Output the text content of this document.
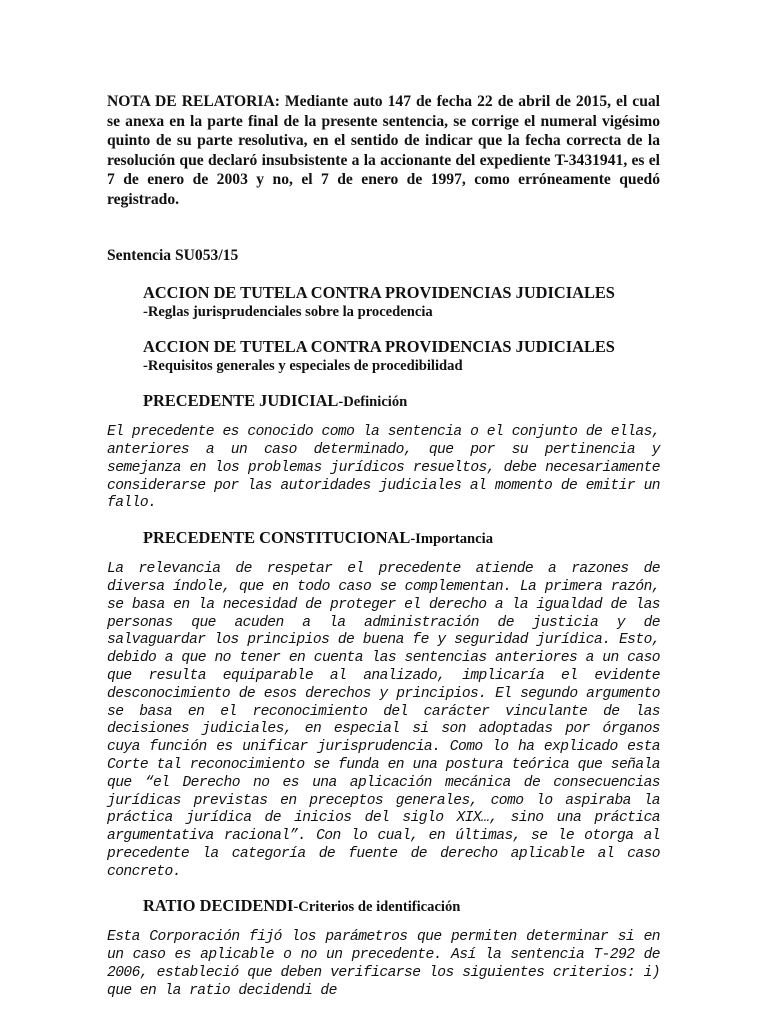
NOTA DE RELATORIA: Mediante auto 147 de fecha 22 de abril de 2015, el cual se anexa en la parte final de la presente sentencia, se corrige el numeral vigésimo quinto de su parte resolutiva, en el sentido de indicar que la fecha correcta de la resolución que declaró insubsistente a la accionante del expediente T-3431941, es el 7 de enero de 2003 y no, el 7 de enero de 1997, como erróneamente quedó registrado.

Sentencia SU053/15

ACCION DE TUTELA CONTRA PROVIDENCIAS JUDICIALES
-Reglas jurisprudenciales sobre la procedencia

ACCION DE TUTELA CONTRA PROVIDENCIAS JUDICIALES
-Requisitos generales y especiales de procedibilidad

PRECEDENTE JUDICIAL-Definición

El precedente es conocido como la sentencia o el conjunto de ellas, anteriores a un caso determinado, que por su pertinencia y semejanza en los problemas jurídicos resueltos, debe necesariamente considerarse por las autoridades judiciales al momento de emitir un fallo.

PRECEDENTE CONSTITUCIONAL-Importancia

La relevancia de respetar el precedente atiende a razones de diversa índole, que en todo caso se complementan. La primera razón, se basa en la necesidad de proteger el derecho a la igualdad de las personas que acuden a la administración de justicia y de salvaguardar los principios de buena fe y seguridad jurídica. Esto, debido a que no tener en cuenta las sentencias anteriores a un caso que resulta equiparable al analizado, implicaría el evidente desconocimiento de esos derechos y principios. El segundo argumento se basa en el reconocimiento del carácter vinculante de las decisiones judiciales, en especial si son adoptadas por órganos cuya función es unificar jurisprudencia. Como lo ha explicado esta Corte tal reconocimiento se funda en una postura teórica que señala que “el Derecho no es una aplicación mecánica de consecuencias jurídicas previstas en preceptos generales, como lo aspiraba la práctica jurídica de inicios del siglo XIX…, sino una práctica argumentativa racional”. Con lo cual, en últimas, se le otorga al precedente la categoría de fuente de derecho aplicable al caso concreto.

RATIO DECIDENDI-Criterios de identificación

Esta Corporación fijó los parámetros que permiten determinar si en un caso es aplicable o no un precedente. Así la sentencia T-292 de 2006, estableció que deben verificarse los siguientes criterios: i) que en la ratio decidendi de
